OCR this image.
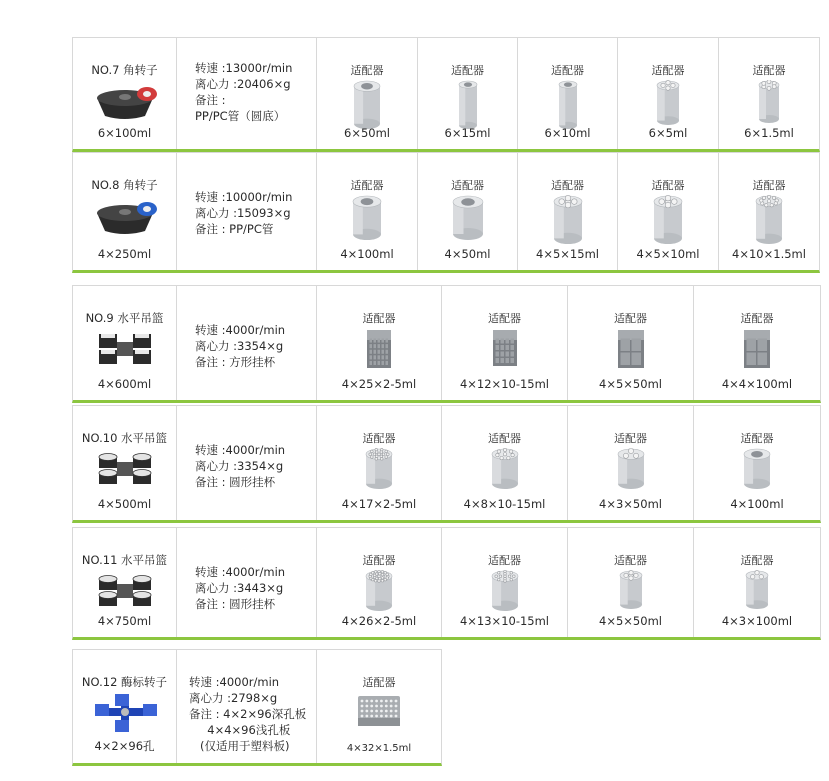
NO.7 角转子
6×100ml
转速 :13000r/min
离心力 :20406×g
备注 :
PP/PC管（圆底）
适配器
6×50ml
适配器
6×15ml
适配器
6×10ml
适配器
6×5ml
适配器
6×1.5ml
NO.8 角转子
4×250ml
转速 :10000r/min
离心力 :15093×g
备注 : PP/PC管
适配器
4×100ml
适配器
4×50ml
适配器
4×5×15ml
适配器
4×5×10ml
适配器
4×10×1.5ml
NO.9 水平吊篮
4×600ml
转速 :4000r/min
离心力 :3354×g
备注 : 方形挂杯
适配器
4×25×2-5ml
适配器
4×12×10-15ml
适配器
4×5×50ml
适配器
4×4×100ml
NO.10 水平吊篮
4×500ml
转速 :4000r/min
离心力 :3354×g
备注 : 圆形挂杯
适配器
4×17×2-5ml
适配器
4×8×10-15ml
适配器
4×3×50ml
适配器
4×100ml
NO.11 水平吊篮
4×750ml
转速 :4000r/min
离心力 :3443×g
备注 : 圆形挂杯
适配器
4×26×2-5ml
适配器
4×13×10-15ml
适配器
4×5×50ml
适配器
4×3×100ml
NO.12 酶标转子
4×2×96孔
转速 :4000r/min
离心力 :2798×g
备注 : 4×2×96深孔板
4×4×96浅孔板
(仅适用于塑料板)
适配器
4×32×1.5ml
